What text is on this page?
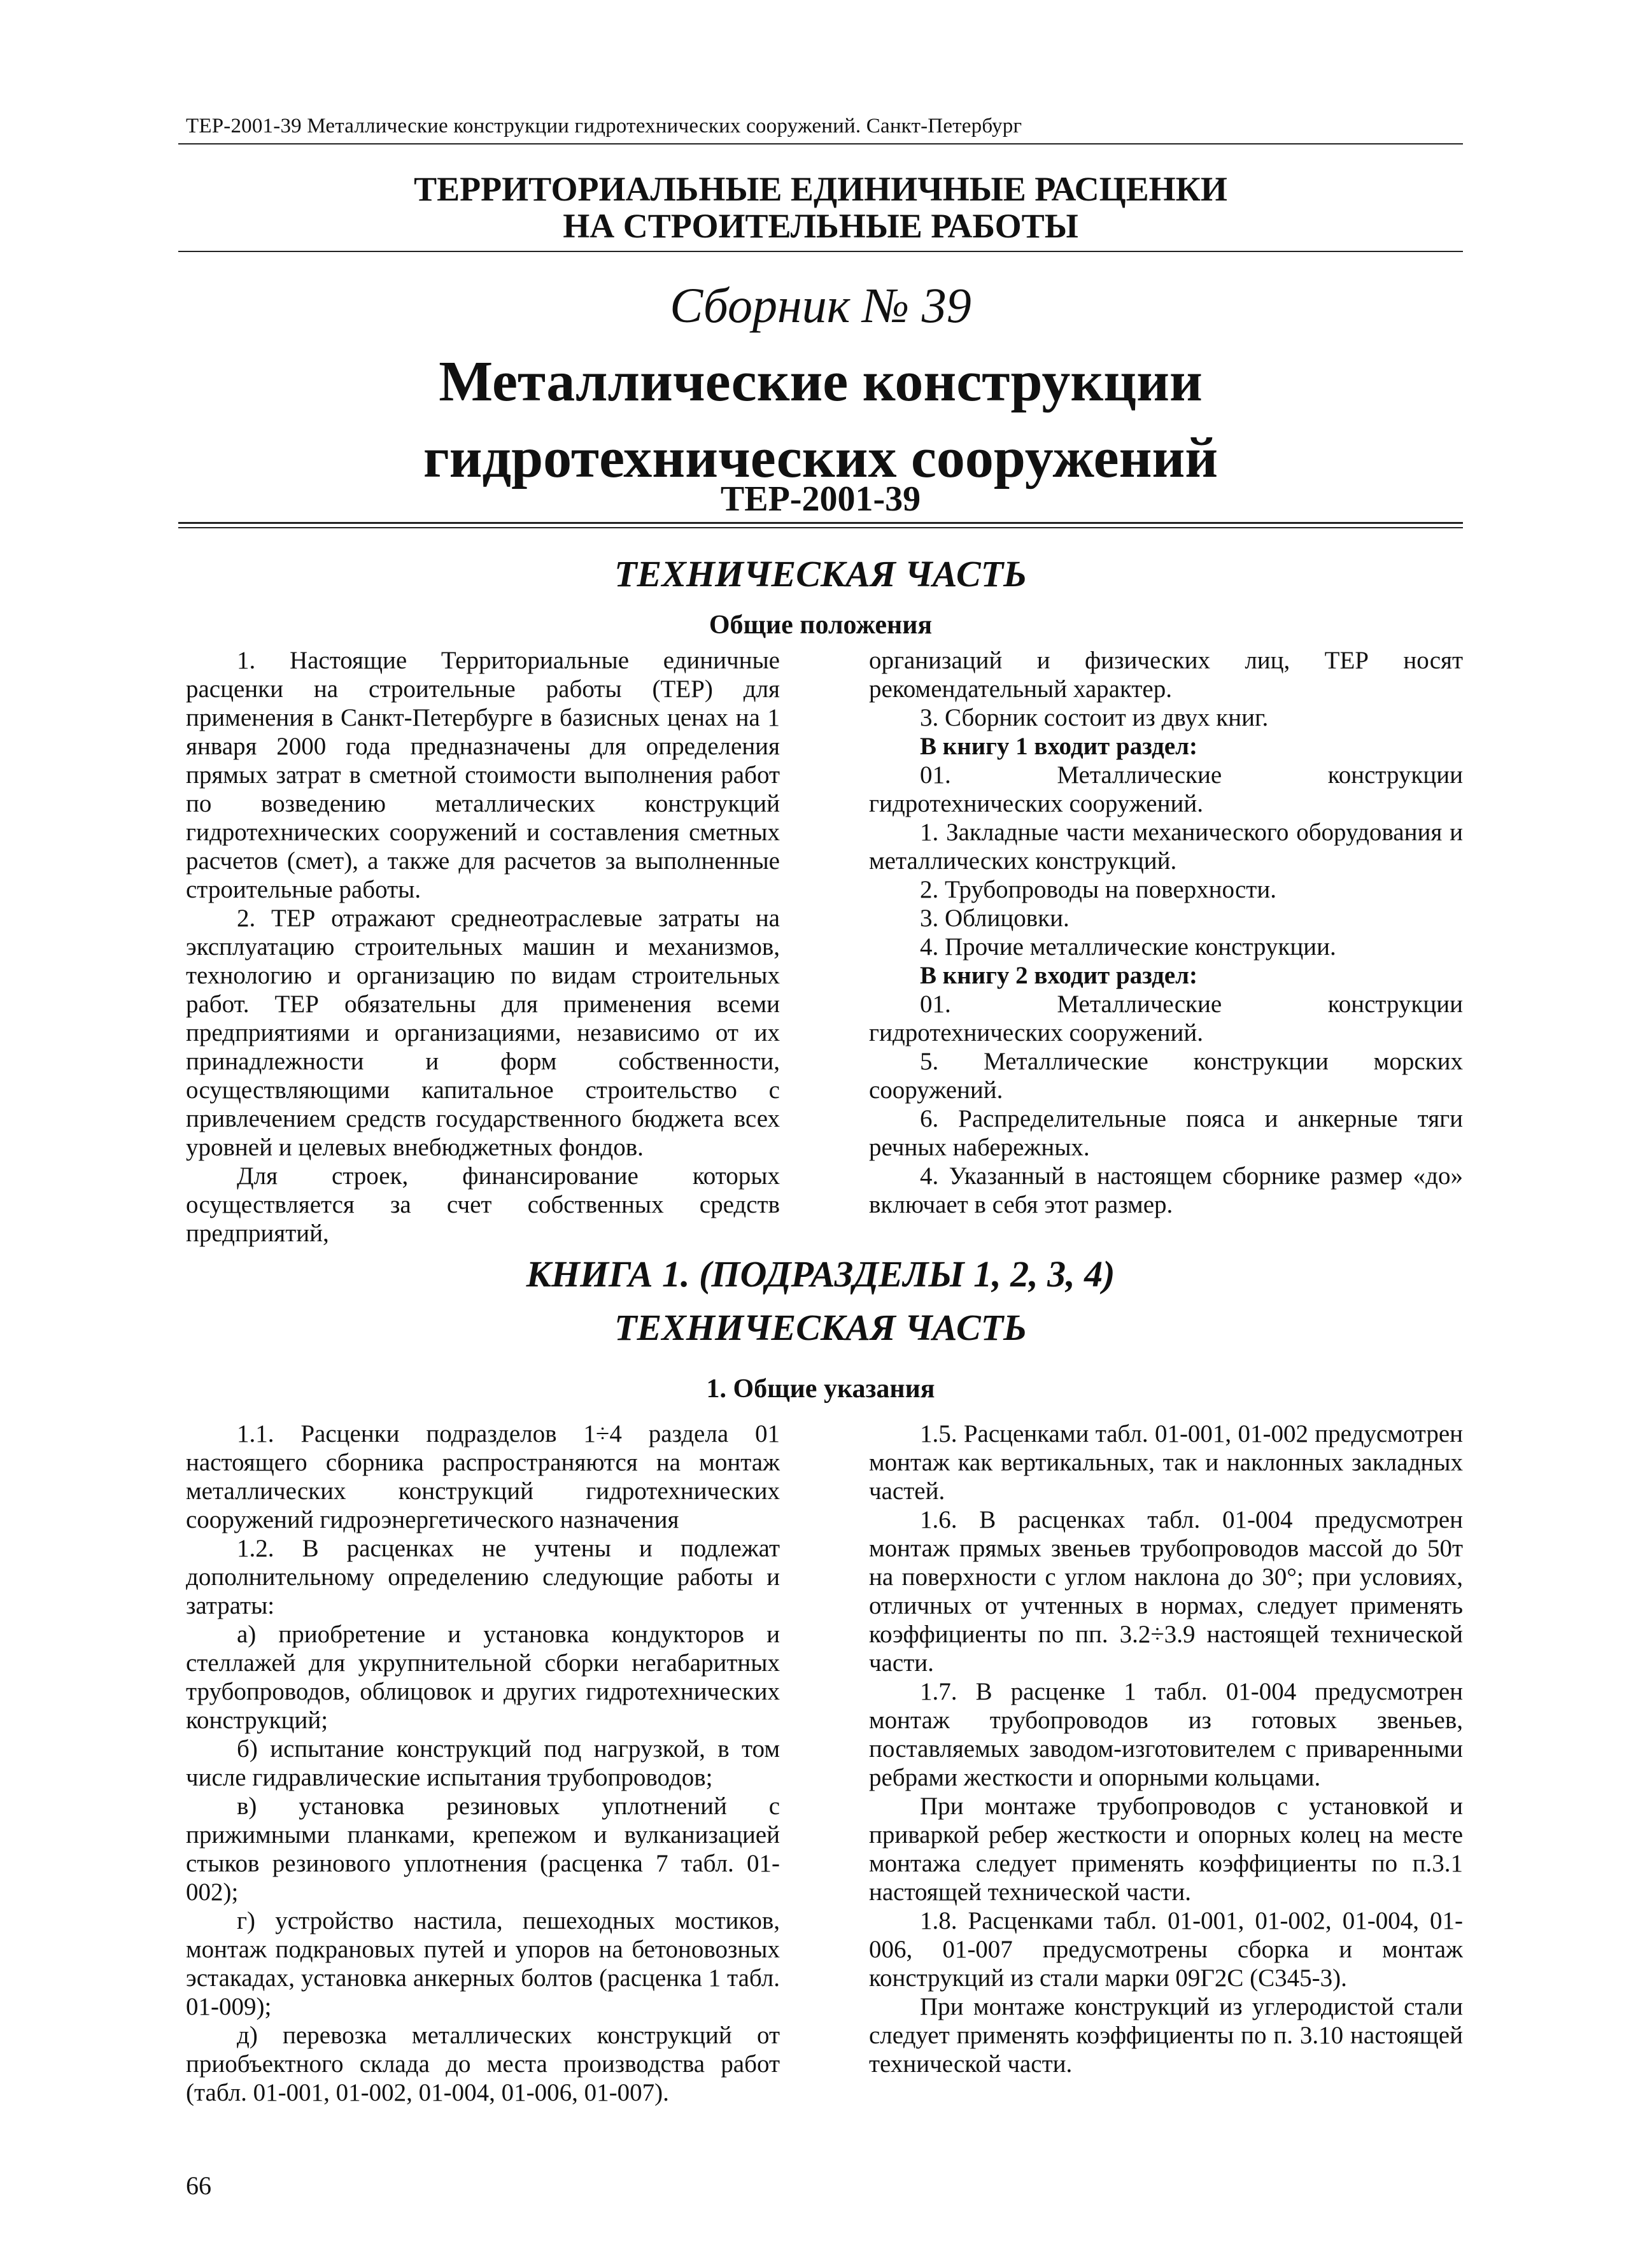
ТЕР-2001-39 Металлические конструкции гидротехнических сооружений. Санкт-Петербург
ТЕРРИТОРИАЛЬНЫЕ ЕДИНИЧНЫЕ РАСЦЕНКИ
НА СТРОИТЕЛЬНЫЕ РАБОТЫ
Сборник № 39
Металлические конструкции
гидротехнических сооружений
ТЕР-2001-39
ТЕХНИЧЕСКАЯ ЧАСТЬ
Общие положения

1. Настоящие Территориальные единичные расценки на строительные работы (ТЕР) для применения в Санкт-Петербурге в базисных ценах на 1 января 2000 года предназначены для определения прямых затрат в сметной стоимости выполнения работ по возведению металлических конструкций гидротехнических сооружений и составления сметных расчетов (смет), а также для расчетов за выполненные строительные работы.

2. ТЕР отражают среднеотраслевые затраты на эксплуатацию строительных машин и механизмов, технологию и организацию по видам строительных работ. ТЕР обязательны для применения всеми предприятиями и организациями, независимо от их принадлежности и форм собственности, осуществляющими капитальное строительство с привлечением средств государственного бюджета всех уровней и целевых внебюджетных фондов.

Для строек, финансирование которых осуществляется за счет собственных средств предприятий,

организаций и физических лиц, ТЕР носят рекомендательный характер.

3. Сборник состоит из двух книг.

В книгу 1 входит раздел:

01. Металлические конструкции гидротехнических сооружений.

1. Закладные части механического оборудования и металлических конструкций.

2. Трубопроводы на поверхности.

3. Облицовки.

4. Прочие металлические конструкции.

В книгу 2 входит раздел:

01. Металлические конструкции гидротехнических сооружений.

5. Металлические конструкции морских сооружений.

6. Распределительные пояса и анкерные тяги речных набережных.

4. Указанный в настоящем сборнике размер «до» включает в себя этот размер.

КНИГА 1. (ПОДРАЗДЕЛЫ 1, 2, 3, 4)
ТЕХНИЧЕСКАЯ ЧАСТЬ
1. Общие указания

1.1. Расценки подразделов 1÷4 раздела 01 настоящего сборника распространяются на монтаж металлических конструкций гидротехнических сооружений гидроэнергетического назначения

1.2. В расценках не учтены и подлежат дополнительному определению следующие работы и затраты:

а) приобретение и установка кондукторов и стеллажей для укрупнительной сборки негабаритных трубопроводов, облицовок и других гидротехнических конструкций;

б) испытание конструкций под нагрузкой, в том числе гидравлические испытания трубопроводов;

в) установка резиновых уплотнений с прижимными планками, крепежом и вулканизацией стыков резинового уплотнения (расценка 7 табл. 01-002);

г) устройство настила, пешеходных мостиков, монтаж подкрановых путей и упоров на бетоновозных эстакадах, установка анкерных болтов (расценка 1 табл. 01-009);

д) перевозка металлических конструкций от приобъектного склада до места производства работ (табл. 01-001, 01-002, 01-004, 01-006, 01-007).

1.5. Расценками табл. 01-001, 01-002 предусмотрен монтаж как вертикальных, так и наклонных закладных частей.

1.6. В расценках табл. 01-004 предусмотрен монтаж прямых звеньев трубопроводов массой до 50т на поверхности с углом наклона до 30°; при условиях, отличных от учтенных в нормах, следует применять коэффициенты по пп. 3.2÷3.9 настоящей технической части.

1.7. В расценке 1 табл. 01-004 предусмотрен монтаж трубопроводов из готовых звеньев, поставляемых заводом-изготовителем с приваренными ребрами жесткости и опорными кольцами.

При монтаже трубопроводов с установкой и приваркой ребер жесткости и опорных колец на месте монтажа следует применять коэффициенты по п.3.1 настоящей технической части.

1.8. Расценками табл. 01-001, 01-002, 01-004, 01-006, 01-007 предусмотрены сборка и монтаж конструкций из стали марки 09Г2С (С345-3).

При монтаже конструкций из углеродистой стали следует применять коэффициенты по п. 3.10 настоящей технической части.

66
